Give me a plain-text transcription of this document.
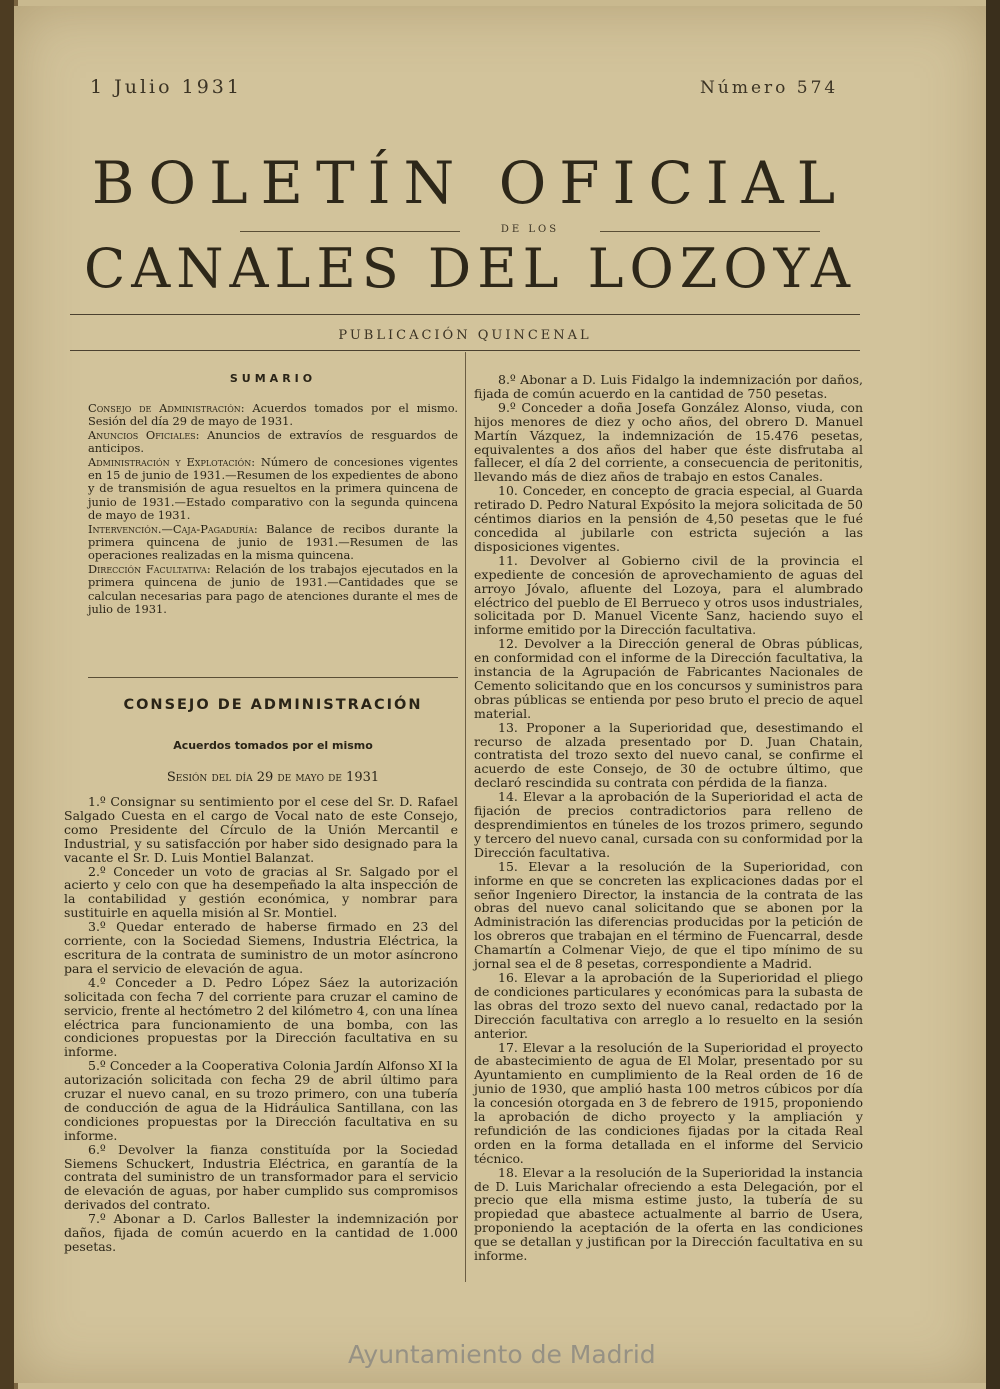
1 Julio 1931	Número 574
BOLETÍN OFICIAL
DE LOS
CANALES DEL LOZOYA
PUBLICACIÓN QUINCENAL
SUMARIO

Consejo de Administración: Acuerdos tomados por el mismo. Sesión del día 29 de mayo de 1931.

Anuncios Oficiales: Anuncios de extravíos de resguardos de anticipos.

Administración y Explotación: Número de concesiones vigentes en 15 de junio de 1931.—Resumen de los expedientes de abono y de transmisión de agua resueltos en la primera quincena de junio de 1931.—Estado comparativo con la segunda quincena de mayo de 1931.

Intervención.—Caja-Pagaduría: Balance de recibos durante la primera quincena de junio de 1931.—Resumen de las operaciones realizadas en la misma quincena.

Dirección Facultativa: Relación de los trabajos ejecutados en la primera quincena de junio de 1931.—Cantidades que se calculan necesarias para pago de atenciones durante el mes de julio de 1931.

CONSEJO DE ADMINISTRACIÓN
Acuerdos tomados por el mismo
Sesión del día 29 de mayo de 1931

1.º Consignar su sentimiento por el cese del Sr. D. Rafael Salgado Cuesta en el cargo de Vocal nato de este Consejo, como Presidente del Círculo de la Unión Mercantil e Industrial, y su satisfacción por haber sido designado para la vacante el Sr. D. Luis Montiel Balanzat.

2.º Conceder un voto de gracias al Sr. Salgado por el acierto y celo con que ha desempeñado la alta inspección de la contabilidad y gestión económica, y nombrar para sustituirle en aquella misión al Sr. Montiel.

3.º Quedar enterado de haberse firmado en 23 del corriente, con la Sociedad Siemens, Industria Eléctrica, la escritura de la contrata de suministro de un motor asíncrono para el servicio de elevación de agua.

4.º Conceder a D. Pedro López Sáez la autorización solicitada con fecha 7 del corriente para cruzar el camino de servicio, frente al hectómetro 2 del kilómetro 4, con una línea eléctrica para funcionamiento de una bomba, con las condiciones propuestas por la Dirección facultativa en su informe.

5.º Conceder a la Cooperativa Colonia Jardín Alfonso XI la autorización solicitada con fecha 29 de abril último para cruzar el nuevo canal, en su trozo primero, con una tubería de conducción de agua de la Hidráulica Santillana, con las condiciones propuestas por la Dirección facultativa en su informe.

6.º Devolver la fianza constituída por la Sociedad Siemens Schuckert, Industria Eléctrica, en garantía de la contrata del suministro de un transformador para el servicio de elevación de aguas, por haber cumplido sus compromisos derivados del contrato.

7.º Abonar a D. Carlos Ballester la indemnización por daños, fijada de común acuerdo en la cantidad de 1.000 pesetas.

8.º Abonar a D. Luis Fidalgo la indemnización por daños, fijada de común acuerdo en la cantidad de 750 pesetas.

9.º Conceder a doña Josefa González Alonso, viuda, con hijos menores de diez y ocho años, del obrero D. Manuel Martín Vázquez, la indemnización de 15.476 pesetas, equivalentes a dos años del haber que éste disfrutaba al fallecer, el día 2 del corriente, a consecuencia de peritonitis, llevando más de diez años de trabajo en estos Canales.

10. Conceder, en concepto de gracia especial, al Guarda retirado D. Pedro Natural Expósito la mejora solicitada de 50 céntimos diarios en la pensión de 4,50 pesetas que le fué concedida al jubilarle con estricta sujeción a las disposiciones vigentes.

11. Devolver al Gobierno civil de la provincia el expediente de concesión de aprovechamiento de aguas del arroyo Jóvalo, afluente del Lozoya, para el alumbrado eléctrico del pueblo de El Berrueco y otros usos industriales, solicitada por D. Manuel Vicente Sanz, haciendo suyo el informe emitido por la Dirección facultativa.

12. Devolver a la Dirección general de Obras públicas, en conformidad con el informe de la Dirección facultativa, la instancia de la Agrupación de Fabricantes Nacionales de Cemento solicitando que en los concursos y suministros para obras públicas se entienda por peso bruto el precio de aquel material.

13. Proponer a la Superioridad que, desestimando el recurso de alzada presentado por D. Juan Chatain, contratista del trozo sexto del nuevo canal, se confirme el acuerdo de este Consejo, de 30 de octubre último, que declaró rescindida su contrata con pérdida de la fianza.

14. Elevar a la aprobación de la Superioridad el acta de fijación de precios contradictorios para relleno de desprendimientos en túneles de los trozos primero, segundo y tercero del nuevo canal, cursada con su conformidad por la Dirección facultativa.

15. Elevar a la resolución de la Superioridad, con informe en que se concreten las explicaciones dadas por el señor Ingeniero Director, la instancia de la contrata de las obras del nuevo canal solicitando que se abonen por la Administración las diferencias producidas por la petición de los obreros que trabajan en el término de Fuencarral, desde Chamartín a Colmenar Viejo, de que el tipo mínimo de su jornal sea el de 8 pesetas, correspondiente a Madrid.

16. Elevar a la aprobación de la Superioridad el pliego de condiciones particulares y económicas para la subasta de las obras del trozo sexto del nuevo canal, redactado por la Dirección facultativa con arreglo a lo resuelto en la sesión anterior.

17. Elevar a la resolución de la Superioridad el proyecto de abastecimiento de agua de El Molar, presentado por su Ayuntamiento en cumplimiento de la Real orden de 16 de junio de 1930, que amplió hasta 100 metros cúbicos por día la concesión otorgada en 3 de febrero de 1915, proponiendo la aprobación de dicho proyecto y la ampliación y refundición de las condiciones fijadas por la citada Real orden en la forma detallada en el informe del Servicio técnico.

18. Elevar a la resolución de la Superioridad la instancia de D. Luis Marichalar ofreciendo a esta Delegación, por el precio que ella misma estime justo, la tubería de su propiedad que abastece actualmente al barrio de Usera, proponiendo la aceptación de la oferta en las condiciones que se detallan y justifican por la Dirección facultativa en su informe.

Ayuntamiento de Madrid
